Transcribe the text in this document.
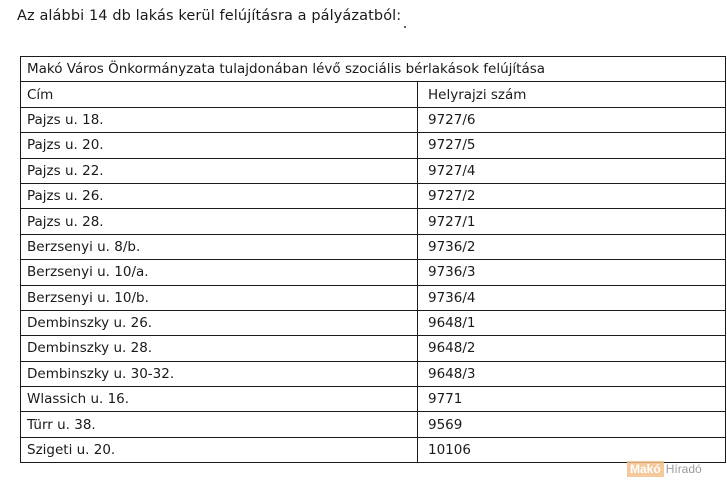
Az alábbi 14 db lakás kerül felújításra a pályázatból:
Makó Város Önkormányzata tulajdonában lévő szociális bérlakások felújítása	
Cím	Helyrajzi szám
Pajzs u. 18.	9727/6
Pajzs u. 20.	9727/5
Pajzs u. 22.	9727/4
Pajzs u. 26.	9727/2
Pajzs u. 28.	9727/1
Berzsenyi u. 8/b.	9736/2
Berzsenyi u. 10/a.	9736/3
Berzsenyi u. 10/b.	9736/4
Dembinszky u. 26.	9648/1
Dembinszky u. 28.	9648/2
Dembinszky u. 30-32.	9648/3
Wlassich u. 16.	9771
Türr u. 38.	9569
Szigeti u. 20.	10106
Makó Híradó
